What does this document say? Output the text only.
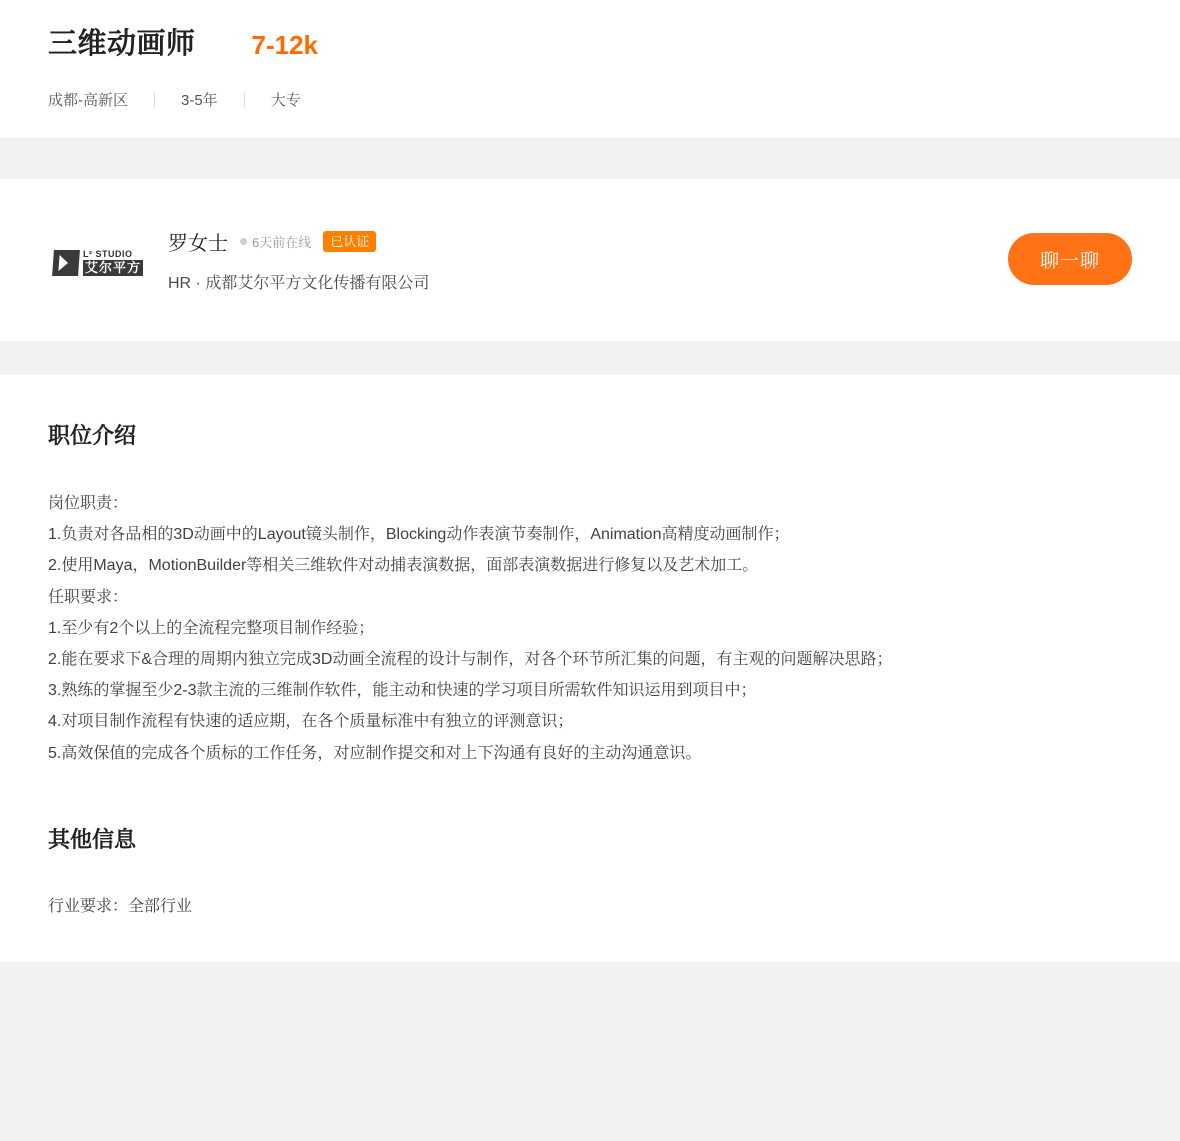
三维动画师 7-12k
成都-高新区	3-5年	大专
L² STUDIO
艾尔平方
罗女士 6天前在线	已认证
HR · 成都艾尔平方文化传播有限公司
聊一聊
职位介绍

岗位职责：

1.负责对各品相的3D动画中的Layout镜头制作，Blocking动作表演节奏制作，Animation高精度动画制作；

2.使用Maya，MotionBuilder等相关三维软件对动捕表演数据，面部表演数据进行修复以及艺术加工。

任职要求：

1.至少有2个以上的全流程完整项目制作经验；

2.能在要求下&合理的周期内独立完成3D动画全流程的设计与制作，对各个环节所汇集的问题，有主观的问题解决思路；

3.熟练的掌握至少2-3款主流的三维制作软件，能主动和快速的学习项目所需软件知识运用到项目中；

4.对项目制作流程有快速的适应期，在各个质量标准中有独立的评测意识；

5.高效保值的完成各个质标的工作任务，对应制作提交和对上下沟通有良好的主动沟通意识。

其他信息

行业要求：全部行业
